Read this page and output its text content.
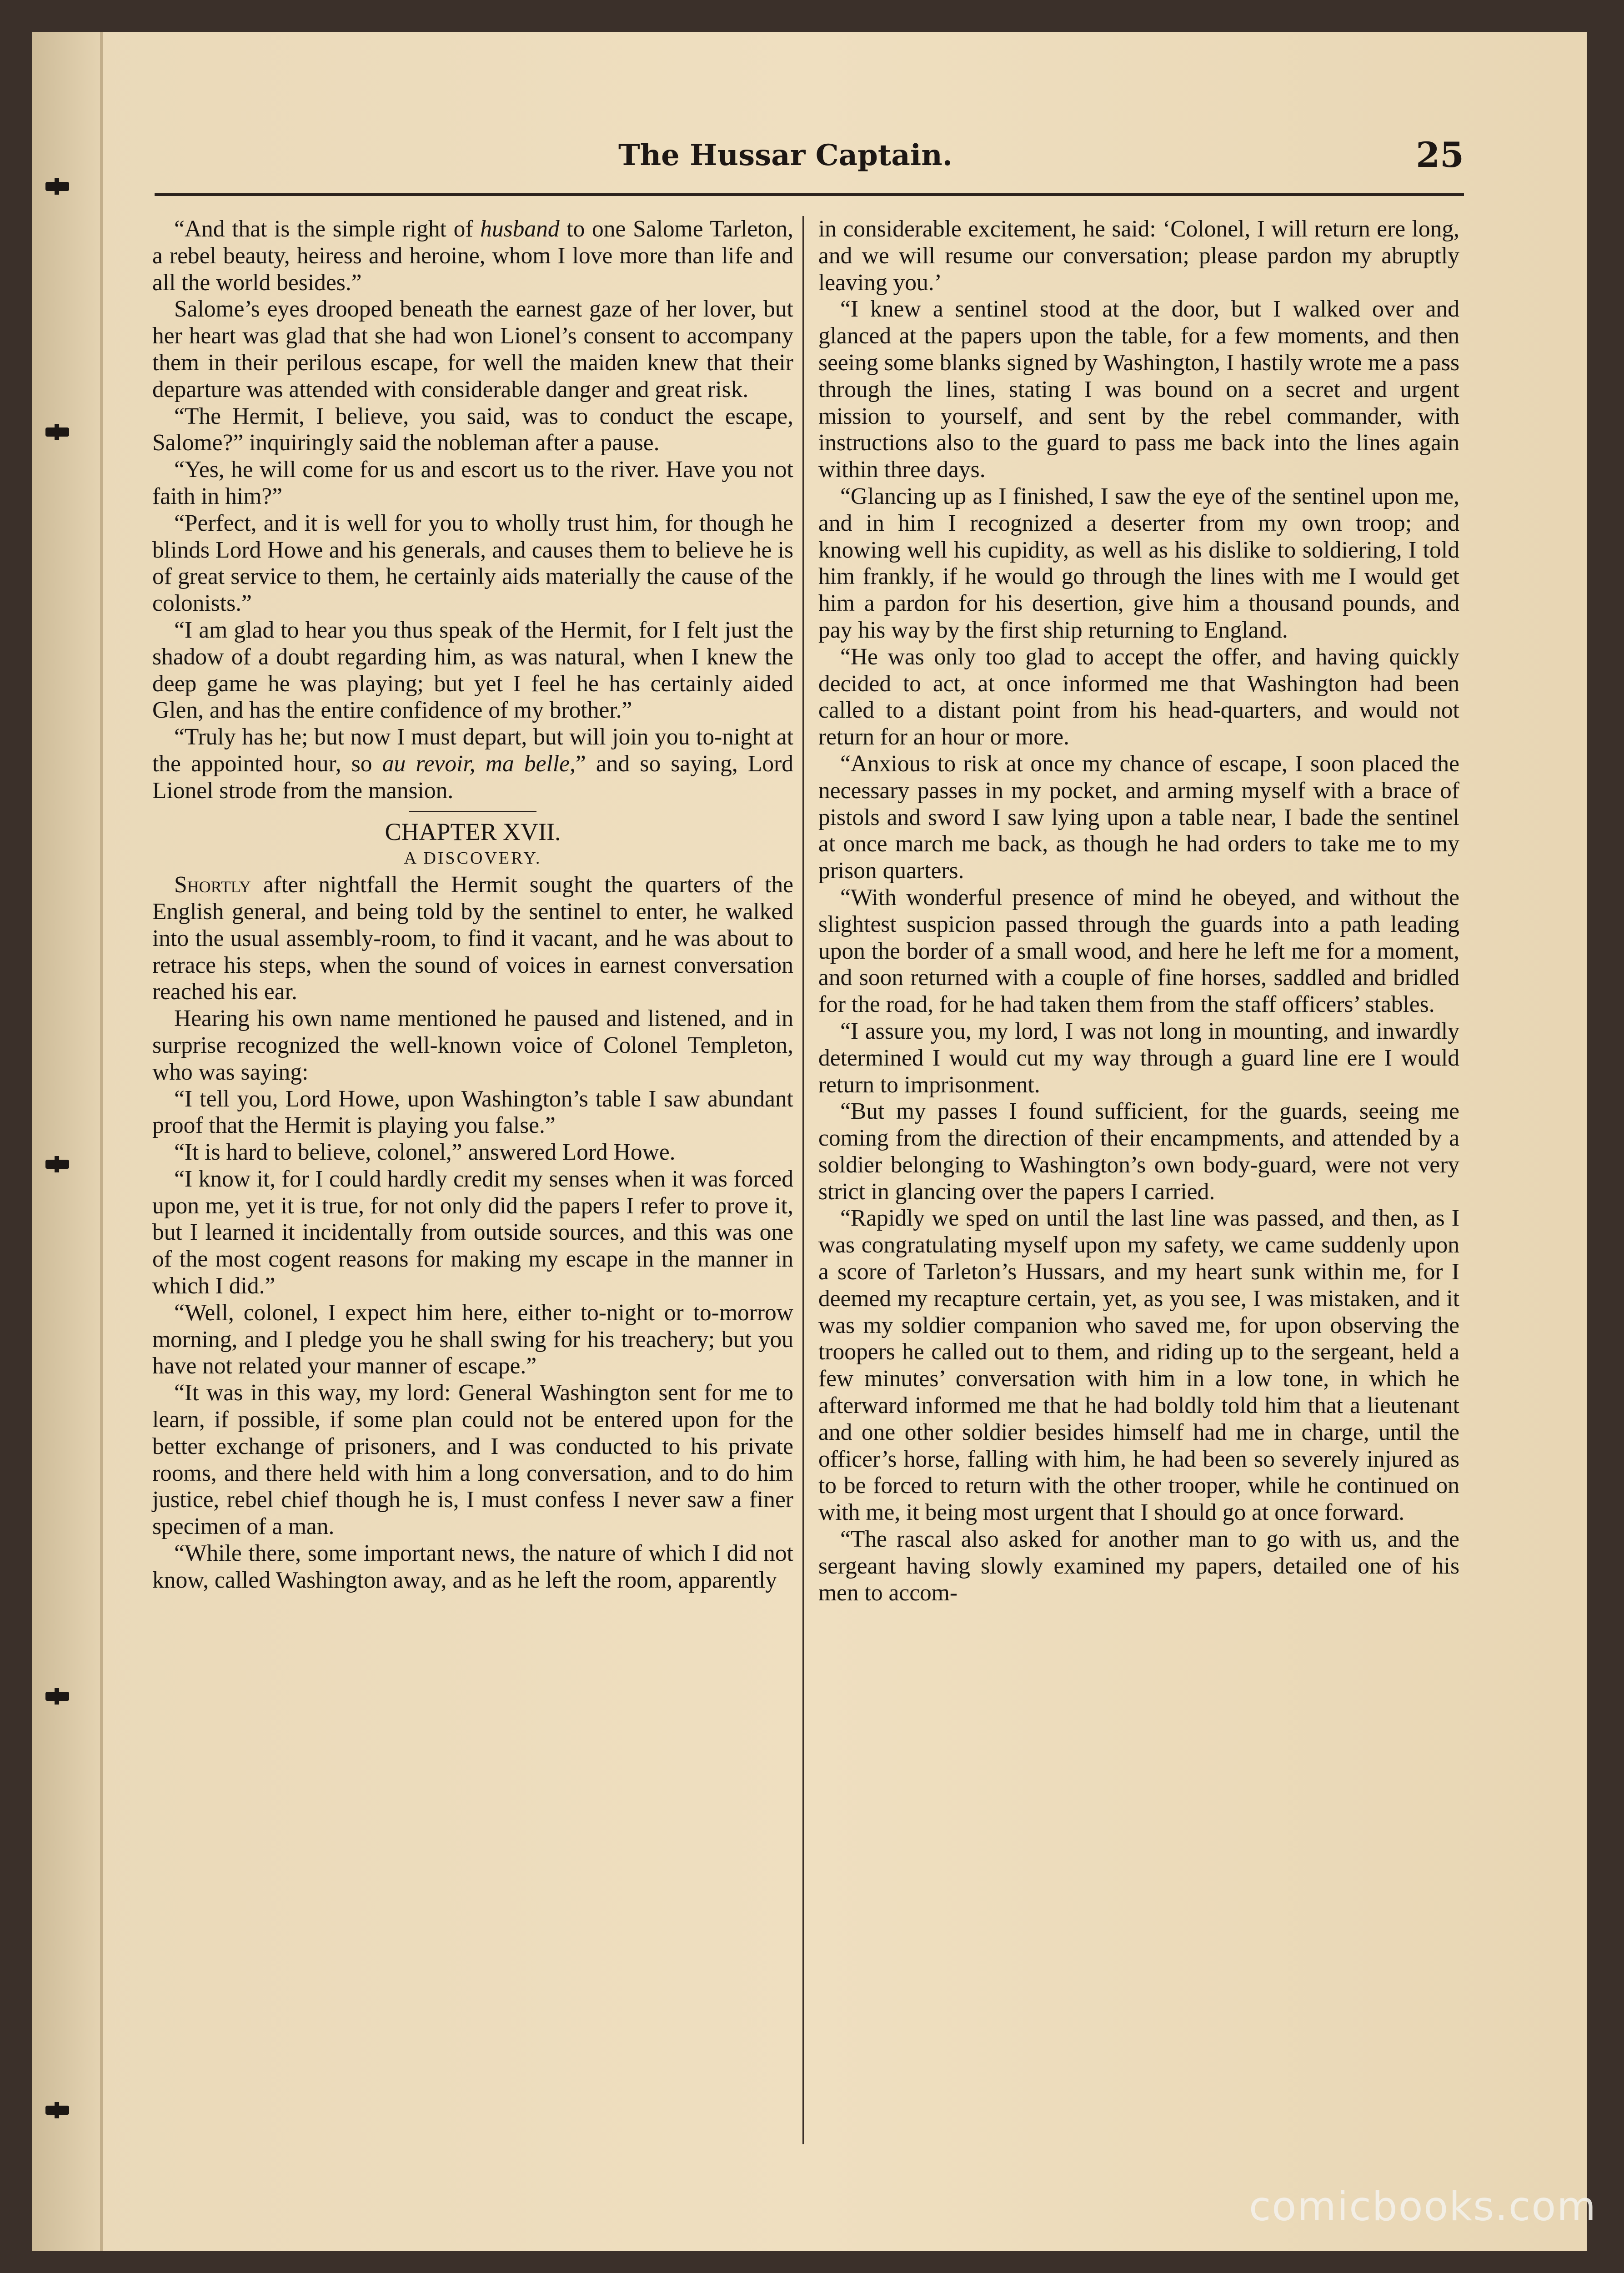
The Hussar Captain.	25

“And that is the simple right of husband to one Salome Tarleton, a rebel beauty, heiress and heroine, whom I love more than life and all the world besides.”

Salome’s eyes drooped beneath the earnest gaze of her lover, but her heart was glad that she had won Lionel’s consent to accompany them in their perilous escape, for well the maiden knew that their departure was attended with considerable danger and great risk.

“The Hermit, I believe, you said, was to conduct the escape, Salome?” inquiringly said the nobleman after a pause.

“Yes, he will come for us and escort us to the river. Have you not faith in him?”

“Perfect, and it is well for you to wholly trust him, for though he blinds Lord Howe and his generals, and causes them to believe he is of great service to them, he certainly aids materially the cause of the colonists.”

“I am glad to hear you thus speak of the Hermit, for I felt just the shadow of a doubt regarding him, as was natural, when I knew the deep game he was playing; but yet I feel he has certainly aided Glen, and has the entire confidence of my brother.”

“Truly has he; but now I must depart, but will join you to-night at the appointed hour, so au revoir, ma belle,” and so saying, Lord Lionel strode from the mansion.

CHAPTER XVII.

A DISCOVERY.

Shortly after nightfall the Hermit sought the quarters of the English general, and being told by the sentinel to enter, he walked into the usual assembly-room, to find it vacant, and he was about to retrace his steps, when the sound of voices in earnest conversation reached his ear.

Hearing his own name mentioned he paused and listened, and in surprise recognized the well-known voice of Colonel Templeton, who was saying:

“I tell you, Lord Howe, upon Washington’s table I saw abundant proof that the Hermit is playing you false.”

“It is hard to believe, colonel,” answered Lord Howe.

“I know it, for I could hardly credit my senses when it was forced upon me, yet it is true, for not only did the papers I refer to prove it, but I learned it incidentally from outside sources, and this was one of the most cogent reasons for making my escape in the manner in which I did.”

“Well, colonel, I expect him here, either to-night or to-morrow morning, and I pledge you he shall swing for his treachery; but you have not related your manner of escape.”

“It was in this way, my lord: General Washington sent for me to learn, if possible, if some plan could not be entered upon for the better exchange of prisoners, and I was conducted to his private rooms, and there held with him a long conversation, and to do him justice, rebel chief though he is, I must confess I never saw a finer specimen of a man.

“While there, some important news, the nature of which I did not know, called Washington away, and as he left the room, apparently

in considerable excitement, he said: ‘Colonel, I will return ere long, and we will resume our conversation; please pardon my abruptly leaving you.’

“I knew a sentinel stood at the door, but I walked over and glanced at the papers upon the table, for a few moments, and then seeing some blanks signed by Washington, I hastily wrote me a pass through the lines, stating I was bound on a secret and urgent mission to yourself, and sent by the rebel commander, with instructions also to the guard to pass me back into the lines again within three days.

“Glancing up as I finished, I saw the eye of the sentinel upon me, and in him I recognized a deserter from my own troop; and knowing well his cupidity, as well as his dislike to soldiering, I told him frankly, if he would go through the lines with me I would get him a pardon for his desertion, give him a thousand pounds, and pay his way by the first ship returning to England.

“He was only too glad to accept the offer, and having quickly decided to act, at once informed me that Washington had been called to a distant point from his head-quarters, and would not return for an hour or more.

“Anxious to risk at once my chance of escape, I soon placed the necessary passes in my pocket, and arming myself with a brace of pistols and sword I saw lying upon a table near, I bade the sentinel at once march me back, as though he had orders to take me to my prison quarters.

“With wonderful presence of mind he obeyed, and without the slightest suspicion passed through the guards into a path leading upon the border of a small wood, and here he left me for a moment, and soon returned with a couple of fine horses, saddled and bridled for the road, for he had taken them from the staff officers’ stables.

“I assure you, my lord, I was not long in mounting, and inwardly determined I would cut my way through a guard line ere I would return to imprisonment.

“But my passes I found sufficient, for the guards, seeing me coming from the direction of their encampments, and attended by a soldier belonging to Washington’s own body-guard, were not very strict in glancing over the papers I carried.

“Rapidly we sped on until the last line was passed, and then, as I was congratulating myself upon my safety, we came suddenly upon a score of Tarleton’s Hussars, and my heart sunk within me, for I deemed my recapture certain, yet, as you see, I was mistaken, and it was my soldier companion who saved me, for upon observing the troopers he called out to them, and riding up to the sergeant, held a few minutes’ conversation with him in a low tone, in which he afterward informed me that he had boldly told him that a lieutenant and one other soldier besides himself had me in charge, until the officer’s horse, falling with him, he had been so severely injured as to be forced to return with the other trooper, while he continued on with me, it being most urgent that I should go at once forward.

“The rascal also asked for another man to go with us, and the sergeant having slowly examined my papers, detailed one of his men to accom-

comicbooks.com
